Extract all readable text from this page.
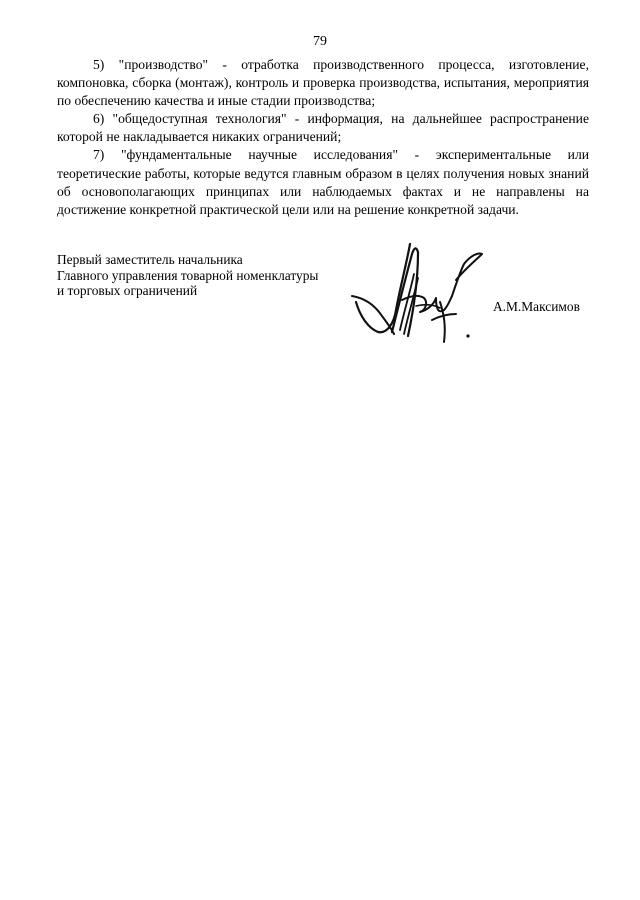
79

5) "производство" - отработка производственного процесса, изготовление, компоновка, сборка (монтаж), контроль и проверка производства, испытания, мероприятия по обеспечению качества и иные стадии производства;

6) "общедоступная технология" - информация, на дальнейшее распространение которой не накладывается никаких ограничений;

7) "фундаментальные научные исследования" - экспериментальные или теоретические работы, которые ведутся главным образом в целях получения новых знаний об основополагающих принципах или наблюдаемых фактах и не направлены на достижение конкретной практической цели или на решение конкретной задачи.

Первый заместитель начальника
Главного управления товарной номенклатуры
и торговых ограничений
А.М.Максимов
